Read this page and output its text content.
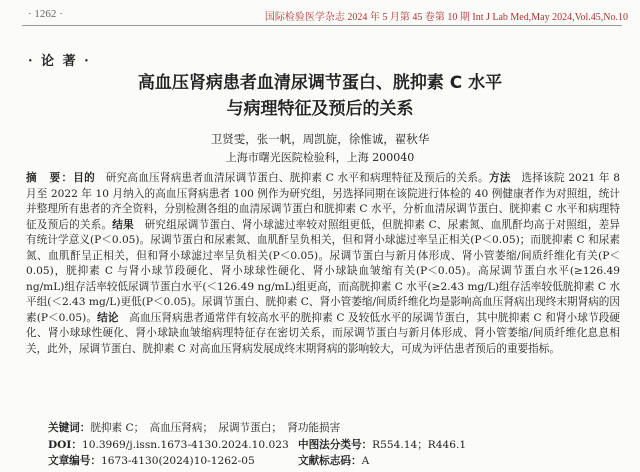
· 1262 ·	国际检验医学杂志 2024 年 5 月第 45 卷第 10 期 Int J Lab Med,May 2024,Vol.45,No.10
· 论 著 ·
高血压肾病患者血清尿调节蛋白、胱抑素 C 水平
与病理特征及预后的关系
卫贤雯，张一帆，周凯旋，徐惟诚，翟秋华
上海市曙光医院检验科，上海 200040

摘　要：目的　研究高血压肾病患者血清尿调节蛋白、胱抑素 C 水平和病理特征及预后的关系。方法　选择该院 2021 年 8 月至 2022 年 10 月纳入的高血压肾病患者 100 例作为研究组，另选择同期在该院进行体检的 40 例健康者作为对照组，统计并整理所有患者的齐全资料，分别检测各组的血清尿调节蛋白和胱抑素 C 水平，分析血清尿调节蛋白、胱抑素 C 水平和病理特征及预后的关系。结果　研究组尿调节蛋白、肾小球滤过率较对照组更低，但胱抑素 C、尿素氮、血肌酐均高于对照组，差异有统计学意义(P＜0.05)。尿调节蛋白和尿素氮、血肌酐呈负相关，但和肾小球滤过率呈正相关(P＜0.05)；而胱抑素 C 和尿素氮、血肌酐呈正相关，但和肾小球滤过率呈负相关(P＜0.05)。尿调节蛋白与新月体形成、肾小管萎缩/间质纤维化有关(P＜0.05)，胱抑素 C 与肾小球节段硬化、肾小球球性硬化、肾小球缺血皱缩有关(P＜0.05)。高尿调节蛋白水平(≥126.49 ng/mL)组存活率较低尿调节蛋白水平(＜126.49 ng/mL)组更高，而高胱抑素 C 水平(≥2.43 mg/L)组存活率较低胱抑素 C 水平组(＜2.43 mg/L)更低(P＜0.05)。尿调节蛋白、胱抑素 C、肾小管萎缩/间质纤维化均是影响高血压肾病出现终末期肾病的因素(P＜0.05)。结论　高血压肾病患者通常伴有较高水平的胱抑素 C 及较低水平的尿调节蛋白，其中胱抑素 C 和肾小球节段硬化、肾小球球性硬化、肾小球缺血皱缩病理特征存在密切关系，而尿调节蛋白与新月体形成、肾小管萎缩/间质纤维化息息相关，此外，尿调节蛋白、胱抑素 C 对高血压肾病发展成终末期肾病的影响较大，可成为评估患者预后的重要指标。

关键词：胱抑素 C；　高血压肾病；　尿调节蛋白；　肾功能损害
DOI：10.3969/j.issn.1673-4130.2024.10.023 中图法分类号：R554.14；R446.1
文章编号：1673-4130(2024)10-1262-05	文献标志码：A
